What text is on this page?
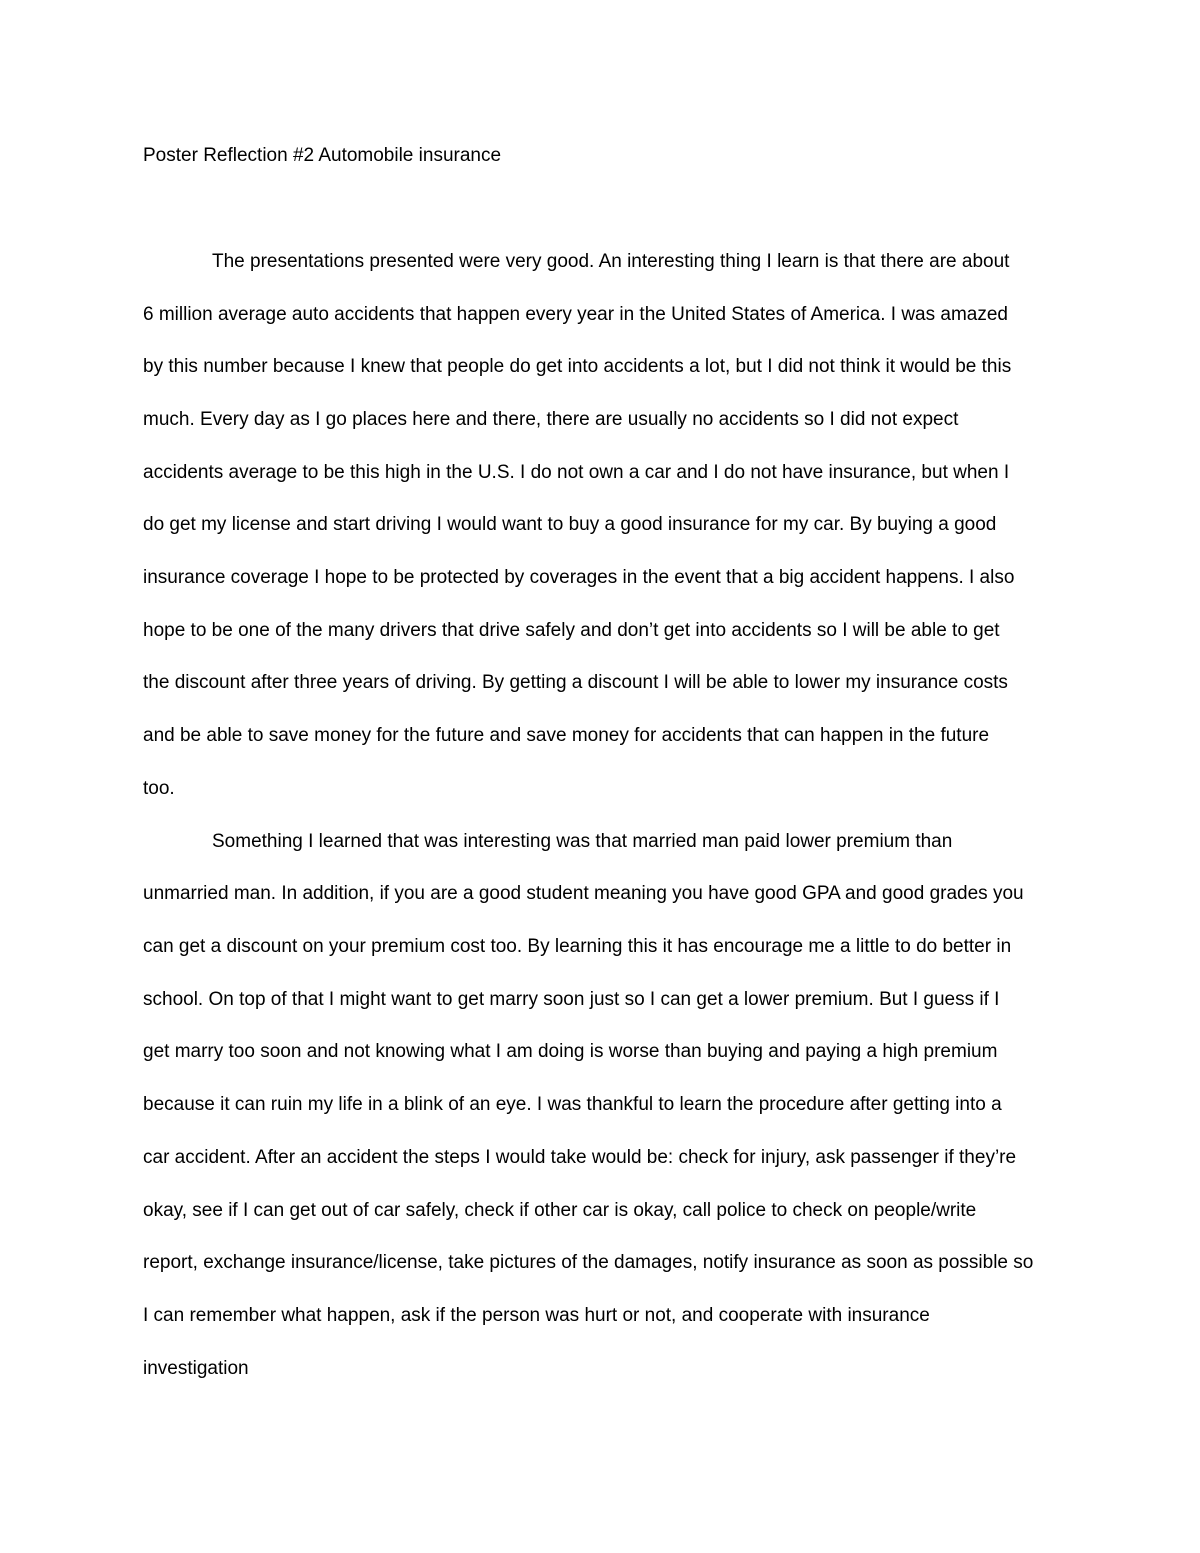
Poster Reflection #2 Automobile insurance

The presentations presented were very good. An interesting thing I learn is that there are about

6 million average auto accidents that happen every year in the United States of America. I was amazed

by this number because I knew that people do get into accidents a lot, but I did not think it would be this

much. Every day as I go places here and there, there are usually no accidents so I did not expect

accidents average to be this high in the U.S. I do not own a car and I do not have insurance, but when I

do get my license and start driving I would want to buy a good insurance for my car. By buying a good

insurance coverage I hope to be protected by coverages in the event that a big accident happens. I also

hope to be one of the many drivers that drive safely and don’t get into accidents so I will be able to get

the discount after three years of driving. By getting a discount I will be able to lower my insurance costs

and be able to save money for the future and save money for accidents that can happen in the future

too.

Something I learned that was interesting was that married man paid lower premium than

unmarried man. In addition, if you are a good student meaning you have good GPA and good grades you

can get a discount on your premium cost too. By learning this it has encourage me a little to do better in

school. On top of that I might want to get marry soon just so I can get a lower premium. But I guess if I

get marry too soon and not knowing what I am doing is worse than buying and paying a high premium

because it can ruin my life in a blink of an eye. I was thankful to learn the procedure after getting into a

car accident. After an accident the steps I would take would be: check for injury, ask passenger if they’re

okay, see if I can get out of car safely, check if other car is okay, call police to check on people/write

report, exchange insurance/license, take pictures of the damages, notify insurance as soon as possible so

I can remember what happen, ask if the person was hurt or not, and cooperate with insurance

investigation
